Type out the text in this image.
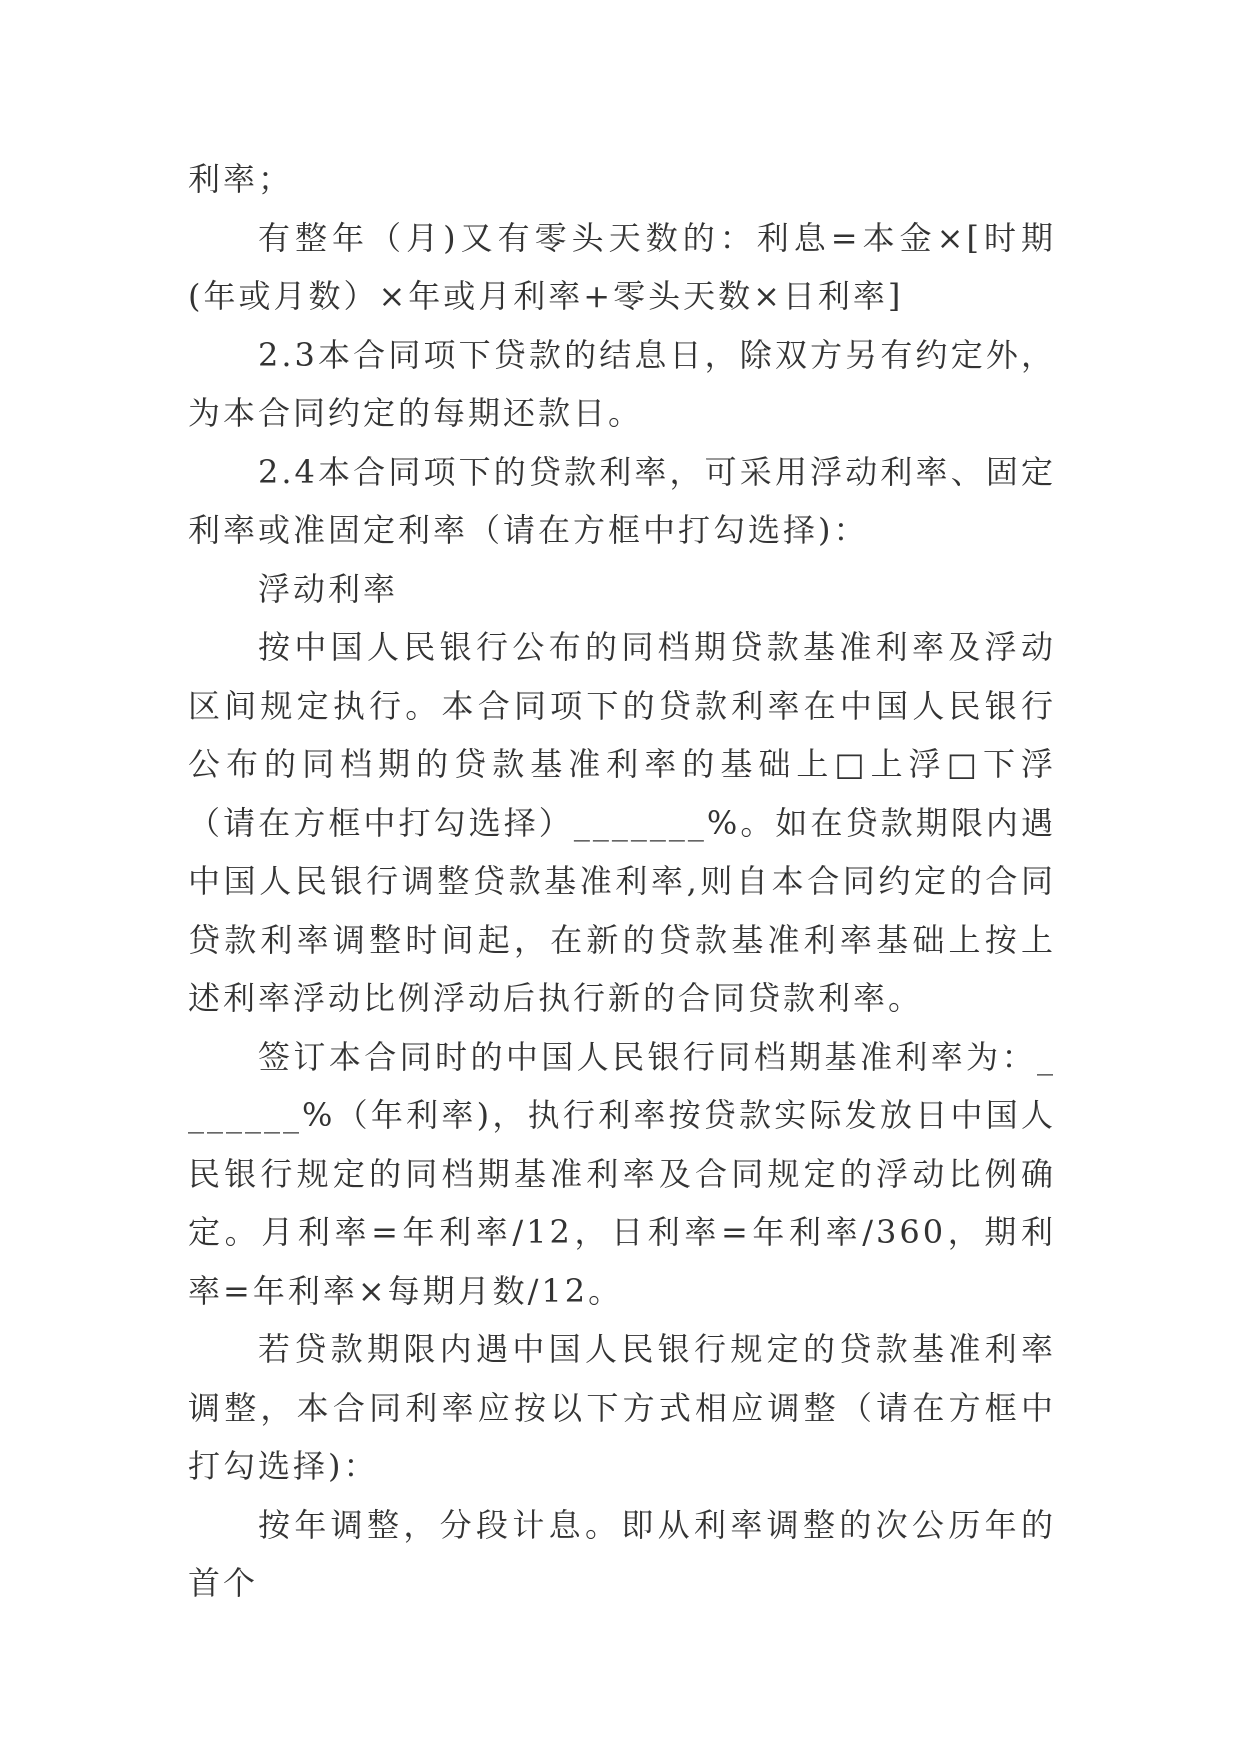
利率；

有整年（月)又有零头天数的：利息=本金×[时期(年或月数）×年或月利率+零头天数×日利率]

2.3本合同项下贷款的结息日，除双方另有约定外，为本合同约定的每期还款日。

2.4本合同项下的贷款利率，可采用浮动利率、固定利率或准固定利率（请在方框中打勾选择)：

浮动利率

按中国人民银行公布的同档期贷款基准利率及浮动区间规定执行。本合同项下的贷款利率在中国人民银行公布的同档期的贷款基准利率的基础上□上浮□下浮（请在方框中打勾选择）_______%。如在贷款期限内遇中国人民银行调整贷款基准利率,则自本合同约定的合同贷款利率调整时间起，在新的贷款基准利率基础上按上述利率浮动比例浮动后执行新的合同贷款利率。

签订本合同时的中国人民银行同档期基准利率为：_______%（年利率)，执行利率按贷款实际发放日中国人民银行规定的同档期基准利率及合同规定的浮动比例确定。月利率=年利率/12，日利率=年利率/360，期利率=年利率×每期月数/12。

若贷款期限内遇中国人民银行规定的贷款基准利率调整，本合同利率应按以下方式相应调整（请在方框中打勾选择)：

按年调整，分段计息。即从利率调整的次公历年的首个
